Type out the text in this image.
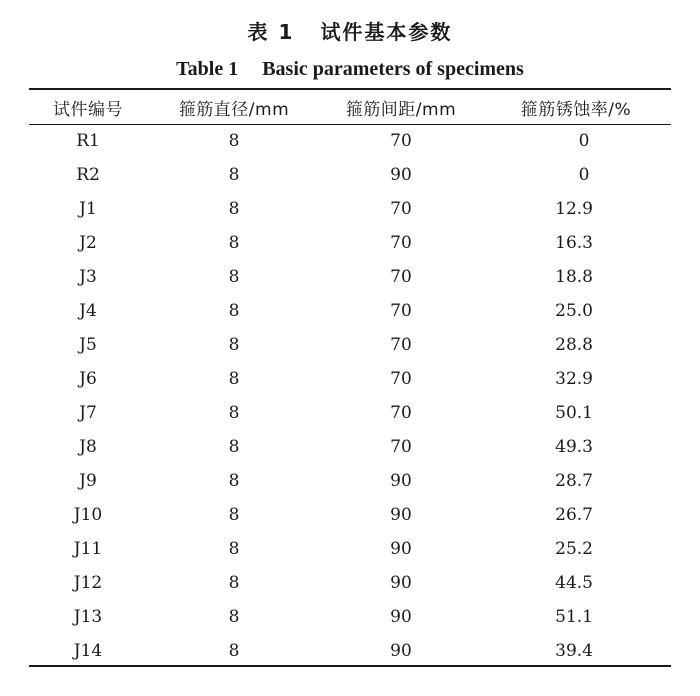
表 1 试件基本参数
Table 1 Basic parameters of specimens
试件编号	箍筋直径/mm	箍筋间距/mm	箍筋锈蚀率/%
R1	8	70	0
R2	8	90	0
J1	8	70	12.9
J2	8	70	16.3
J3	8	70	18.8
J4	8	70	25.0
J5	8	70	28.8
J6	8	70	32.9
J7	8	70	50.1
J8	8	70	49.3
J9	8	90	28.7
J10	8	90	26.7
J11	8	90	25.2
J12	8	90	44.5
J13	8	90	51.1
J14	8	90	39.4
